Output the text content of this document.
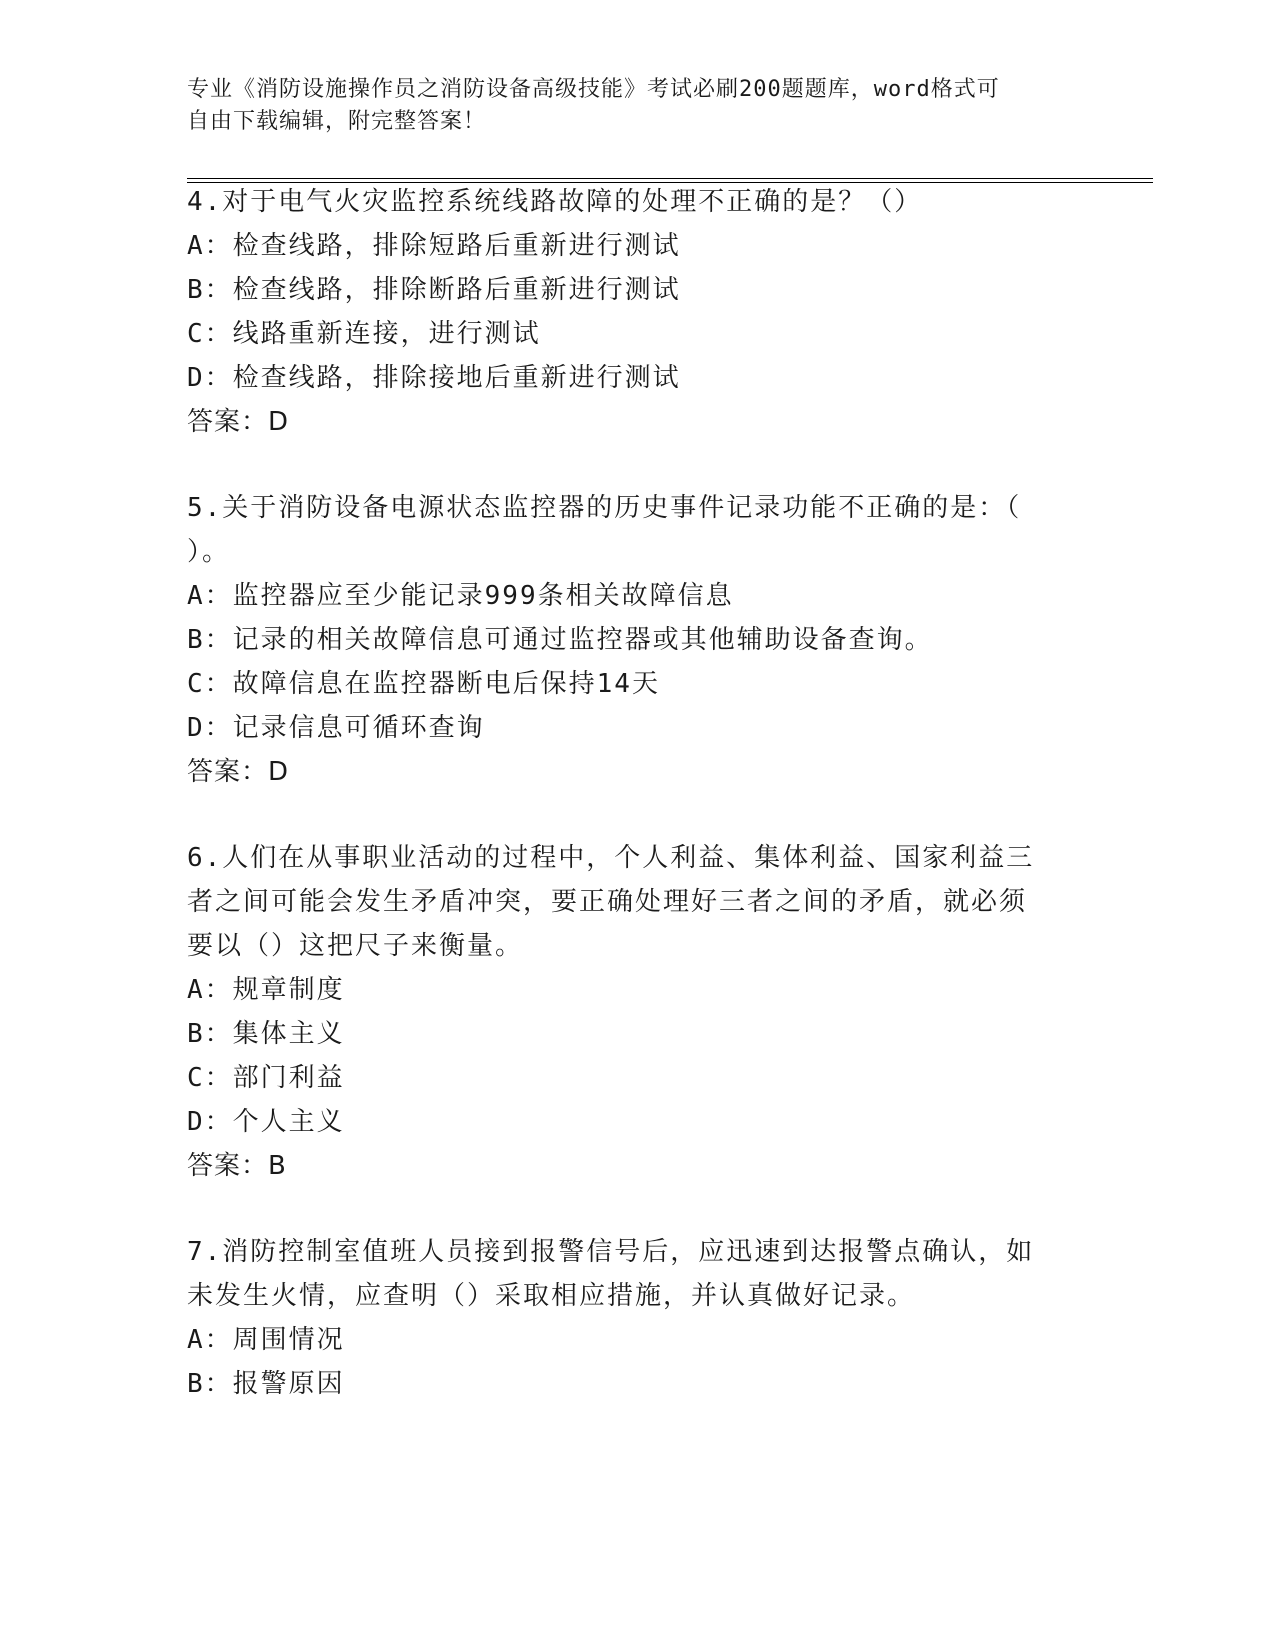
专业《消防设施操作员之消防设备高级技能》考试必刷200题题库，word格式可
自由下载编辑，附完整答案！
4.对于电气火灾监控系统线路故障的处理不正确的是？（）
A：检查线路，排除短路后重新进行测试
B：检查线路，排除断路后重新进行测试
C：线路重新连接，进行测试
D：检查线路，排除接地后重新进行测试
答案：D
5.关于消防设备电源状态监控器的历史事件记录功能不正确的是：（
）。
A：监控器应至少能记录999条相关故障信息
B：记录的相关故障信息可通过监控器或其他辅助设备查询。
C：故障信息在监控器断电后保持14天
D：记录信息可循环查询
答案：D
6.人们在从事职业活动的过程中，个人利益、集体利益、国家利益三
者之间可能会发生矛盾冲突，要正确处理好三者之间的矛盾，就必须
要以（）这把尺子来衡量。
A：规章制度
B：集体主义
C：部门利益
D：个人主义
答案：B
7.消防控制室值班人员接到报警信号后，应迅速到达报警点确认，如
未发生火情，应查明（）采取相应措施，并认真做好记录。
A：周围情况
B：报警原因
